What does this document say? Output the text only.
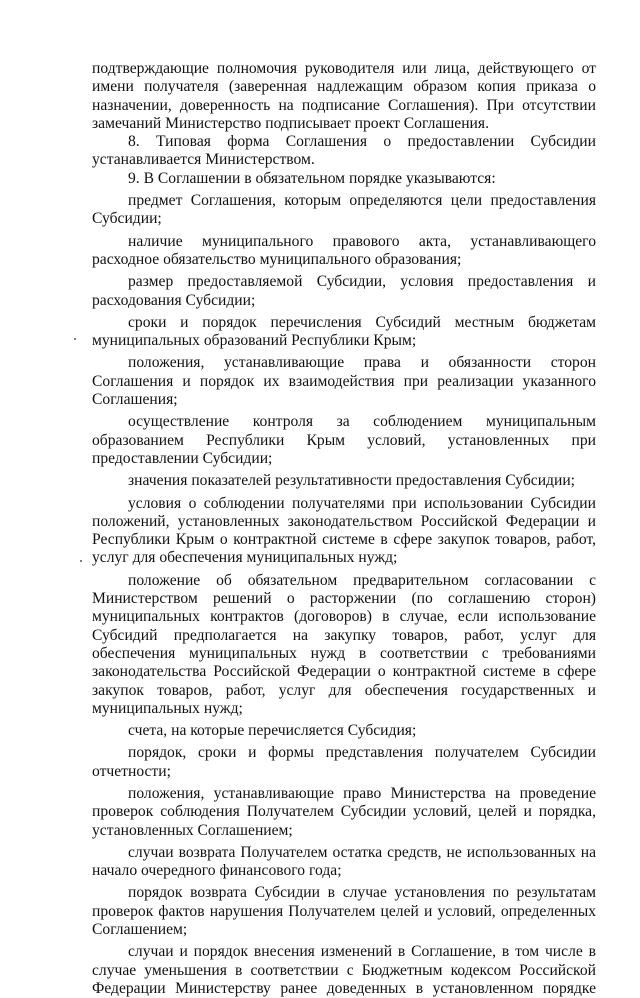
подтверждающие полномочия руководителя или лица, действующего от имени получателя (заверенная надлежащим образом копия приказа о назначении, доверенность на подписание Соглашения). При отсутствии замечаний Министерство подписывает проект Соглашения.

8. Типовая форма Соглашения о предоставлении Субсидии устанавливается Министерством.

9. В Соглашении в обязательном порядке указываются:

предмет Соглашения, которым определяются цели предоставления Субсидии;

наличие муниципального правового акта, устанавливающего расходное обязательство муниципального образования;

размер предоставляемой Субсидии, условия предоставления и расходования Субсидии;

сроки и порядок перечисления Субсидий местным бюджетам муниципальных образований Республики Крым;

положения, устанавливающие права и обязанности сторон Соглашения и порядок их взаимодействия при реализации указанного Соглашения;

осуществление контроля за соблюдением муниципальным образованием Республики Крым условий, установленных при предоставлении Субсидии;

значения показателей результативности предоставления Субсидии;

условия о соблюдении получателями при использовании Субсидии положений, установленных законодательством Российской Федерации и Республики Крым о контрактной системе в сфере закупок товаров, работ, услуг для обеспечения муниципальных нужд;

положение об обязательном предварительном согласовании с Министерством решений о расторжении (по соглашению сторон) муниципальных контрактов (договоров) в случае, если использование Субсидий предполагается на закупку товаров, работ, услуг для обеспечения муниципальных нужд в соответствии с требованиями законодательства Российской Федерации о контрактной системе в сфере закупок товаров, работ, услуг для обеспечения государственных и муниципальных нужд;

счета, на которые перечисляется Субсидия;

порядок, сроки и формы представления получателем Субсидии отчетности;

положения, устанавливающие право Министерства на проведение проверок соблюдения Получателем Субсидии условий, целей и порядка, установленных Соглашением;

случаи возврата Получателем остатка средств, не использованных на начало очередного финансового года;

порядок возврата Субсидии в случае установления по результатам проверок фактов нарушения Получателем целей и условий, определенных Соглашением;

случаи и порядок внесения изменений в Соглашение, в том числе в случае уменьшения в соответствии с Бюджетным кодексом Российской Федерации Министерству ранее доведенных в установленном порядке
